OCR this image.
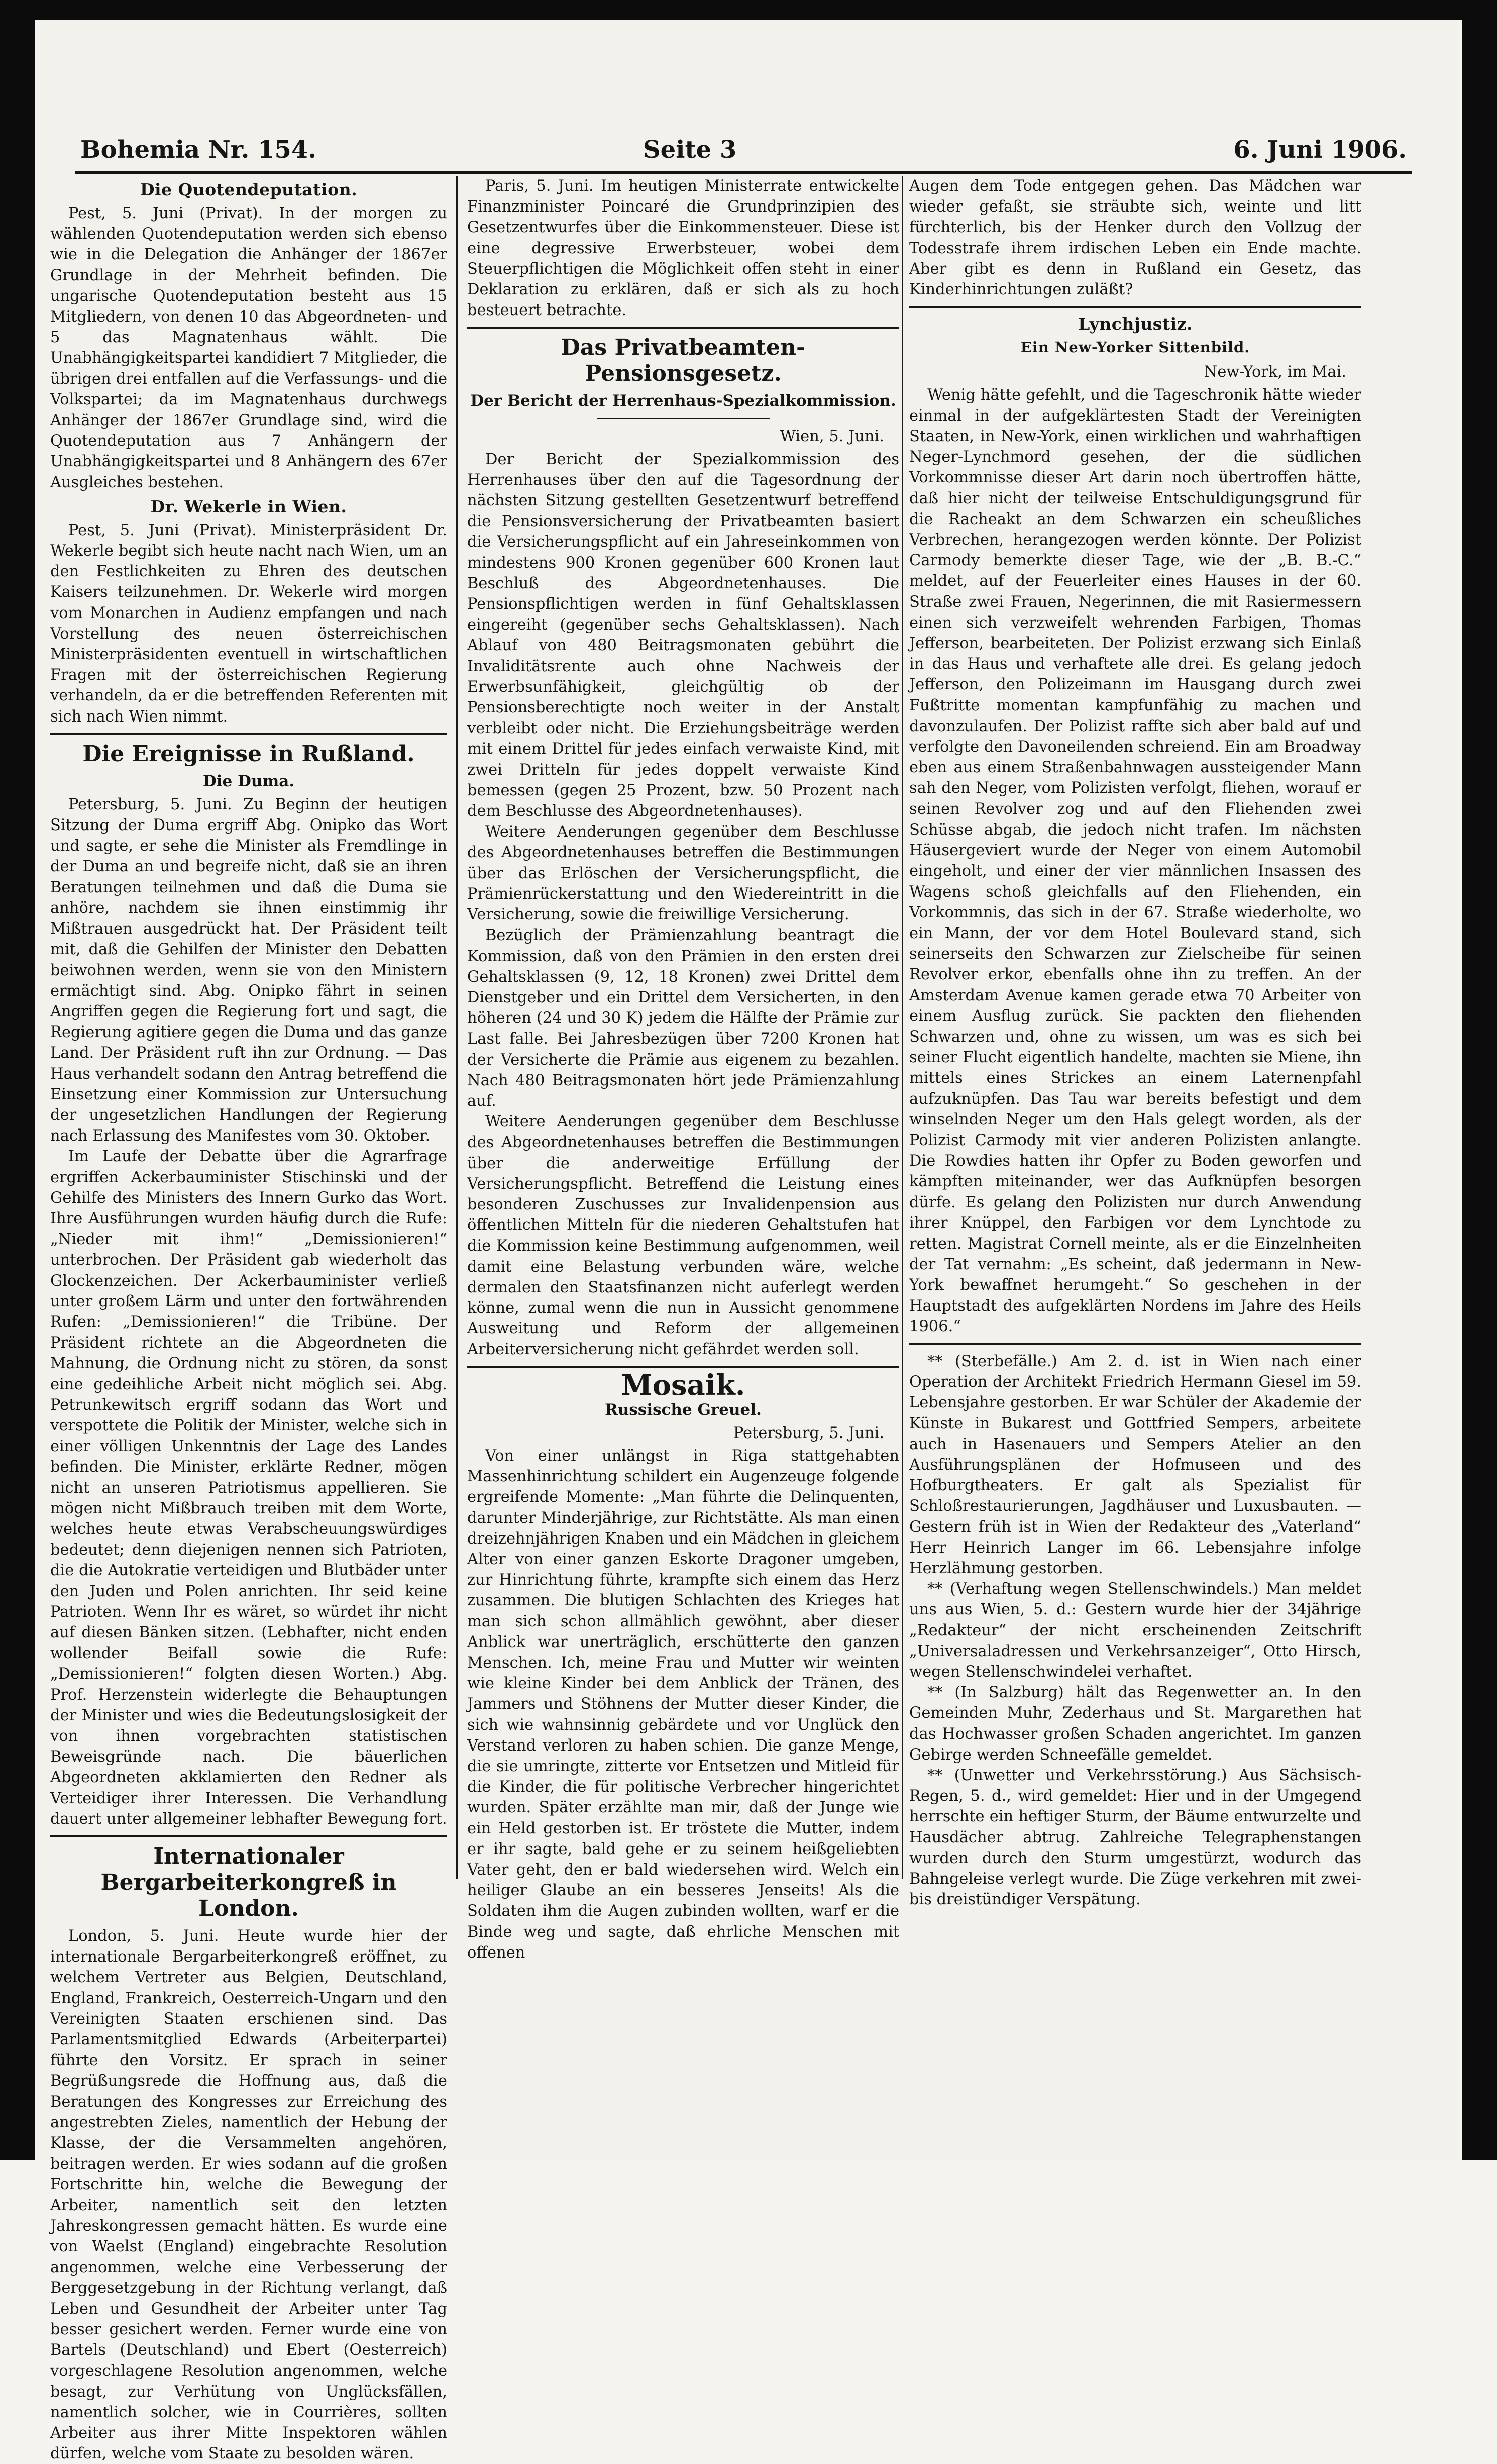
Bohemia Nr. 154.	Seite 3	6. Juni 1906.
Die Quotendeputation.

Pest, 5. Juni (Privat). In der morgen zu wählenden Quotendeputation werden sich ebenso wie in die Delegation die Anhänger der 1867er Grundlage in der Mehrheit befinden. Die ungarische Quotendeputation besteht aus 15 Mitgliedern, von denen 10 das Abgeordneten- und 5 das Magnatenhaus wählt. Die Unabhängigkeitspartei kandidiert 7 Mitglieder, die übrigen drei entfallen auf die Verfassungs- und die Volkspartei; da im Magnatenhaus durchwegs Anhänger der 1867er Grundlage sind, wird die Quotendeputation aus 7 Anhängern der Unabhängigkeitspartei und 8 Anhängern des 67er Ausgleiches bestehen.

Dr. Wekerle in Wien.

Pest, 5. Juni (Privat). Ministerpräsident Dr. Wekerle begibt sich heute nacht nach Wien, um an den Festlichkeiten zu Ehren des deutschen Kaisers teilzunehmen. Dr. Wekerle wird morgen vom Monarchen in Audienz empfangen und nach Vorstellung des neuen österreichischen Ministerpräsidenten eventuell in wirtschaftlichen Fragen mit der österreichischen Regierung verhandeln, da er die betreffenden Referenten mit sich nach Wien nimmt.

Die Ereignisse in Rußland.
Die Duma.

Petersburg, 5. Juni. Zu Beginn der heutigen Sitzung der Duma ergriff Abg. Onipko das Wort und sagte, er sehe die Minister als Fremdlinge in der Duma an und begreife nicht, daß sie an ihren Beratungen teilnehmen und daß die Duma sie anhöre, nachdem sie ihnen einstimmig ihr Mißtrauen ausgedrückt hat. Der Präsident teilt mit, daß die Gehilfen der Minister den Debatten beiwohnen werden, wenn sie von den Ministern ermächtigt sind. Abg. Onipko fährt in seinen Angriffen gegen die Regierung fort und sagt, die Regierung agitiere gegen die Duma und das ganze Land. Der Präsident ruft ihn zur Ordnung. — Das Haus verhandelt sodann den Antrag betreffend die Einsetzung einer Kommission zur Untersuchung der ungesetzlichen Handlungen der Regierung nach Erlassung des Manifestes vom 30. Oktober.

Im Laufe der Debatte über die Agrarfrage ergriffen Ackerbauminister Stischinski und der Gehilfe des Ministers des Innern Gurko das Wort. Ihre Ausführungen wurden häufig durch die Rufe: „Nieder mit ihm!“ „Demissionieren!“ unterbrochen. Der Präsident gab wiederholt das Glockenzeichen. Der Ackerbauminister verließ unter großem Lärm und unter den fortwährenden Rufen: „Demissionieren!“ die Tribüne. Der Präsident richtete an die Abgeordneten die Mahnung, die Ordnung nicht zu stören, da sonst eine gedeihliche Arbeit nicht möglich sei. Abg. Petrunkewitsch ergriff sodann das Wort und verspottete die Politik der Minister, welche sich in einer völligen Unkenntnis der Lage des Landes befinden. Die Minister, erklärte Redner, mögen nicht an unseren Patriotismus appellieren. Sie mögen nicht Mißbrauch treiben mit dem Worte, welches heute etwas Verabscheuungswürdiges bedeutet; denn diejenigen nennen sich Patrioten, die die Autokratie verteidigen und Blutbäder unter den Juden und Polen anrichten. Ihr seid keine Patrioten. Wenn Ihr es wäret, so würdet ihr nicht auf diesen Bänken sitzen. (Lebhafter, nicht enden wollender Beifall sowie die Rufe: „Demissionieren!“ folgten diesen Worten.) Abg. Prof. Herzenstein widerlegte die Behauptungen der Minister und wies die Bedeutungslosigkeit der von ihnen vorgebrachten statistischen Beweisgründe nach. Die bäuerlichen Abgeordneten akklamierten den Redner als Verteidiger ihrer Interessen. Die Verhandlung dauert unter allgemeiner lebhafter Bewegung fort.

Internationaler Bergarbeiterkongreß in London.

London, 5. Juni. Heute wurde hier der internationale Bergarbeiterkongreß eröffnet, zu welchem Vertreter aus Belgien, Deutschland, England, Frankreich, Oesterreich-Ungarn und den Vereinigten Staaten erschienen sind. Das Parlamentsmitglied Edwards (Arbeiterpartei) führte den Vorsitz. Er sprach in seiner Begrüßungsrede die Hoffnung aus, daß die Beratungen des Kongresses zur Erreichung des angestrebten Zieles, namentlich der Hebung der Klasse, der die Versammelten angehören, beitragen werden. Er wies sodann auf die großen Fortschritte hin, welche die Bewegung der Arbeiter, namentlich seit den letzten Jahreskongressen gemacht hätten. Es wurde eine von Waelst (England) eingebrachte Resolution angenommen, welche eine Verbesserung der Berggesetzgebung in der Richtung verlangt, daß Leben und Gesundheit der Arbeiter unter Tag besser gesichert werden. Ferner wurde eine von Bartels (Deutschland) und Ebert (Oesterreich) vorgeschlagene Resolution angenommen, welche besagt, zur Verhütung von Unglücksfällen, namentlich solcher, wie in Courrières, sollten Arbeiter aus ihrer Mitte Inspektoren wählen dürfen, welche vom Staate zu besolden wären.

Paris, 5. Juni. Im heutigen Ministerrate entwickelte Finanzminister Poincaré die Grundprinzipien des Gesetzentwurfes über die Einkommensteuer. Diese ist eine degressive Erwerbsteuer, wobei dem Steuerpflichtigen die Möglichkeit offen steht in einer Deklaration zu erklären, daß er sich als zu hoch besteuert betrachte.

Das Privatbeamten-Pensionsgesetz.
Der Bericht der Herrenhaus-Spezialkommission.
Wien, 5. Juni.

Der Bericht der Spezialkommission des Herrenhauses über den auf die Tagesordnung der nächsten Sitzung gestellten Gesetzentwurf betreffend die Pensionsversicherung der Privatbeamten basiert die Versicherungspflicht auf ein Jahreseinkommen von mindestens 900 Kronen gegenüber 600 Kronen laut Beschluß des Abgeordnetenhauses. Die Pensionspflichtigen werden in fünf Gehaltsklassen eingereiht (gegenüber sechs Gehaltsklassen). Nach Ablauf von 480 Beitragsmonaten gebührt die Invaliditätsrente auch ohne Nachweis der Erwerbsunfähigkeit, gleichgültig ob der Pensionsberechtigte noch weiter in der Anstalt verbleibt oder nicht. Die Erziehungsbeiträge werden mit einem Drittel für jedes einfach verwaiste Kind, mit zwei Dritteln für jedes doppelt verwaiste Kind bemessen (gegen 25 Prozent, bzw. 50 Prozent nach dem Beschlusse des Abgeordnetenhauses).

Weitere Aenderungen gegenüber dem Beschlusse des Abgeordnetenhauses betreffen die Bestimmungen über das Erlöschen der Versicherungspflicht, die Prämienrückerstattung und den Wiedereintritt in die Versicherung, sowie die freiwillige Versicherung.

Bezüglich der Prämienzahlung beantragt die Kommission, daß von den Prämien in den ersten drei Gehaltsklassen (9, 12, 18 Kronen) zwei Drittel dem Dienstgeber und ein Drittel dem Versicherten, in den höheren (24 und 30 K) jedem die Hälfte der Prämie zur Last falle. Bei Jahresbezügen über 7200 Kronen hat der Versicherte die Prämie aus eigenem zu bezahlen. Nach 480 Beitragsmonaten hört jede Prämienzahlung auf.

Weitere Aenderungen gegenüber dem Beschlusse des Abgeordnetenhauses betreffen die Bestimmungen über die anderweitige Erfüllung der Versicherungspflicht. Betreffend die Leistung eines besonderen Zuschusses zur Invalidenpension aus öffentlichen Mitteln für die niederen Gehaltstufen hat die Kommission keine Bestimmung aufgenommen, weil damit eine Belastung verbunden wäre, welche dermalen den Staatsfinanzen nicht auferlegt werden könne, zumal wenn die nun in Aussicht genommene Ausweitung und Reform der allgemeinen Arbeiterversicherung nicht gefährdet werden soll.

Mosaik.
Russische Greuel.
Petersburg, 5. Juni.

Von einer unlängst in Riga stattgehabten Massenhinrichtung schildert ein Augenzeuge folgende ergreifende Momente: „Man führte die Delinquenten, darunter Minderjährige, zur Richtstätte. Als man einen dreizehnjährigen Knaben und ein Mädchen in gleichem Alter von einer ganzen Eskorte Dragoner umgeben, zur Hinrichtung führte, krampfte sich einem das Herz zusammen. Die blutigen Schlachten des Krieges hat man sich schon allmählich gewöhnt, aber dieser Anblick war unerträglich, erschütterte den ganzen Menschen. Ich, meine Frau und Mutter wir weinten wie kleine Kinder bei dem Anblick der Tränen, des Jammers und Stöhnens der Mutter dieser Kinder, die sich wie wahnsinnig gebärdete und vor Unglück den Verstand verloren zu haben schien. Die ganze Menge, die sie umringte, zitterte vor Entsetzen und Mitleid für die Kinder, die für politische Verbrecher hingerichtet wurden. Später erzählte man mir, daß der Junge wie ein Held gestorben ist. Er tröstete die Mutter, indem er ihr sagte, bald gehe er zu seinem heißgeliebten Vater geht, den er bald wiedersehen wird. Welch ein heiliger Glaube an ein besseres Jenseits! Als die Soldaten ihm die Augen zubinden wollten, warf er die Binde weg und sagte, daß ehrliche Menschen mit offenen

Augen dem Tode entgegen gehen. Das Mädchen war wieder gefaßt, sie sträubte sich, weinte und litt fürchterlich, bis der Henker durch den Vollzug der Todesstrafe ihrem irdischen Leben ein Ende machte. Aber gibt es denn in Rußland ein Gesetz, das Kinderhinrichtungen zuläßt?

Lynchjustiz.
Ein New-Yorker Sittenbild.
New-York, im Mai.

Wenig hätte gefehlt, und die Tageschronik hätte wieder einmal in der aufgeklärtesten Stadt der Vereinigten Staaten, in New-York, einen wirklichen und wahrhaftigen Neger-Lynchmord gesehen, der die südlichen Vorkommnisse dieser Art darin noch übertroffen hätte, daß hier nicht der teilweise Entschuldigungsgrund für die Racheakt an dem Schwarzen ein scheußliches Verbrechen, herangezogen werden könnte. Der Polizist Carmody bemerkte dieser Tage, wie der „B. B.-C.“ meldet, auf der Feuerleiter eines Hauses in der 60. Straße zwei Frauen, Negerinnen, die mit Rasiermessern einen sich verzweifelt wehrenden Farbigen, Thomas Jefferson, bearbeiteten. Der Polizist erzwang sich Einlaß in das Haus und verhaftete alle drei. Es gelang jedoch Jefferson, den Polizeimann im Hausgang durch zwei Fußtritte momentan kampfunfähig zu machen und davonzulaufen. Der Polizist raffte sich aber bald auf und verfolgte den Davoneilenden schreiend. Ein am Broadway eben aus einem Straßenbahnwagen aussteigender Mann sah den Neger, vom Polizisten verfolgt, fliehen, worauf er seinen Revolver zog und auf den Fliehenden zwei Schüsse abgab, die jedoch nicht trafen. Im nächsten Häusergeviert wurde der Neger von einem Automobil eingeholt, und einer der vier männlichen Insassen des Wagens schoß gleichfalls auf den Fliehenden, ein Vorkommnis, das sich in der 67. Straße wiederholte, wo ein Mann, der vor dem Hotel Boulevard stand, sich seinerseits den Schwarzen zur Zielscheibe für seinen Revolver erkor, ebenfalls ohne ihn zu treffen. An der Amsterdam Avenue kamen gerade etwa 70 Arbeiter von einem Ausflug zurück. Sie packten den fliehenden Schwarzen und, ohne zu wissen, um was es sich bei seiner Flucht eigentlich handelte, machten sie Miene, ihn mittels eines Strickes an einem Laternenpfahl aufzuknüpfen. Das Tau war bereits befestigt und dem winselnden Neger um den Hals gelegt worden, als der Polizist Carmody mit vier anderen Polizisten anlangte. Die Rowdies hatten ihr Opfer zu Boden geworfen und kämpften miteinander, wer das Aufknüpfen besorgen dürfe. Es gelang den Polizisten nur durch Anwendung ihrer Knüppel, den Farbigen vor dem Lynchtode zu retten. Magistrat Cornell meinte, als er die Einzelnheiten der Tat vernahm: „Es scheint, daß jedermann in New-York bewaffnet herumgeht.“ So geschehen in der Hauptstadt des aufgeklärten Nordens im Jahre des Heils 1906.“

** (Sterbefälle.) Am 2. d. ist in Wien nach einer Operation der Architekt Friedrich Hermann Giesel im 59. Lebensjahre gestorben. Er war Schüler der Akademie der Künste in Bukarest und Gottfried Sempers, arbeitete auch in Hasenauers und Sempers Atelier an den Ausführungsplänen der Hofmuseen und des Hofburgtheaters. Er galt als Spezialist für Schloßrestaurierungen, Jagdhäuser und Luxusbauten. — Gestern früh ist in Wien der Redakteur des „Vaterland“ Herr Heinrich Langer im 66. Lebensjahre infolge Herzlähmung gestorben.

** (Verhaftung wegen Stellenschwindels.) Man meldet uns aus Wien, 5. d.: Gestern wurde hier der 34jährige „Redakteur“ der nicht erscheinenden Zeitschrift „Universaladressen und Verkehrsanzeiger“, Otto Hirsch, wegen Stellenschwindelei verhaftet.

** (In Salzburg) hält das Regenwetter an. In den Gemeinden Muhr, Zederhaus und St. Margarethen hat das Hochwasser großen Schaden angerichtet. Im ganzen Gebirge werden Schneefälle gemeldet.

** (Unwetter und Verkehrsstörung.) Aus Sächsisch-Regen, 5. d., wird gemeldet: Hier und in der Umgegend herrschte ein heftiger Sturm, der Bäume entwurzelte und Hausdächer abtrug. Zahlreiche Telegraphenstangen wurden durch den Sturm umgestürzt, wodurch das Bahngeleise verlegt wurde. Die Züge verkehren mit zwei- bis dreistündiger Verspätung.
